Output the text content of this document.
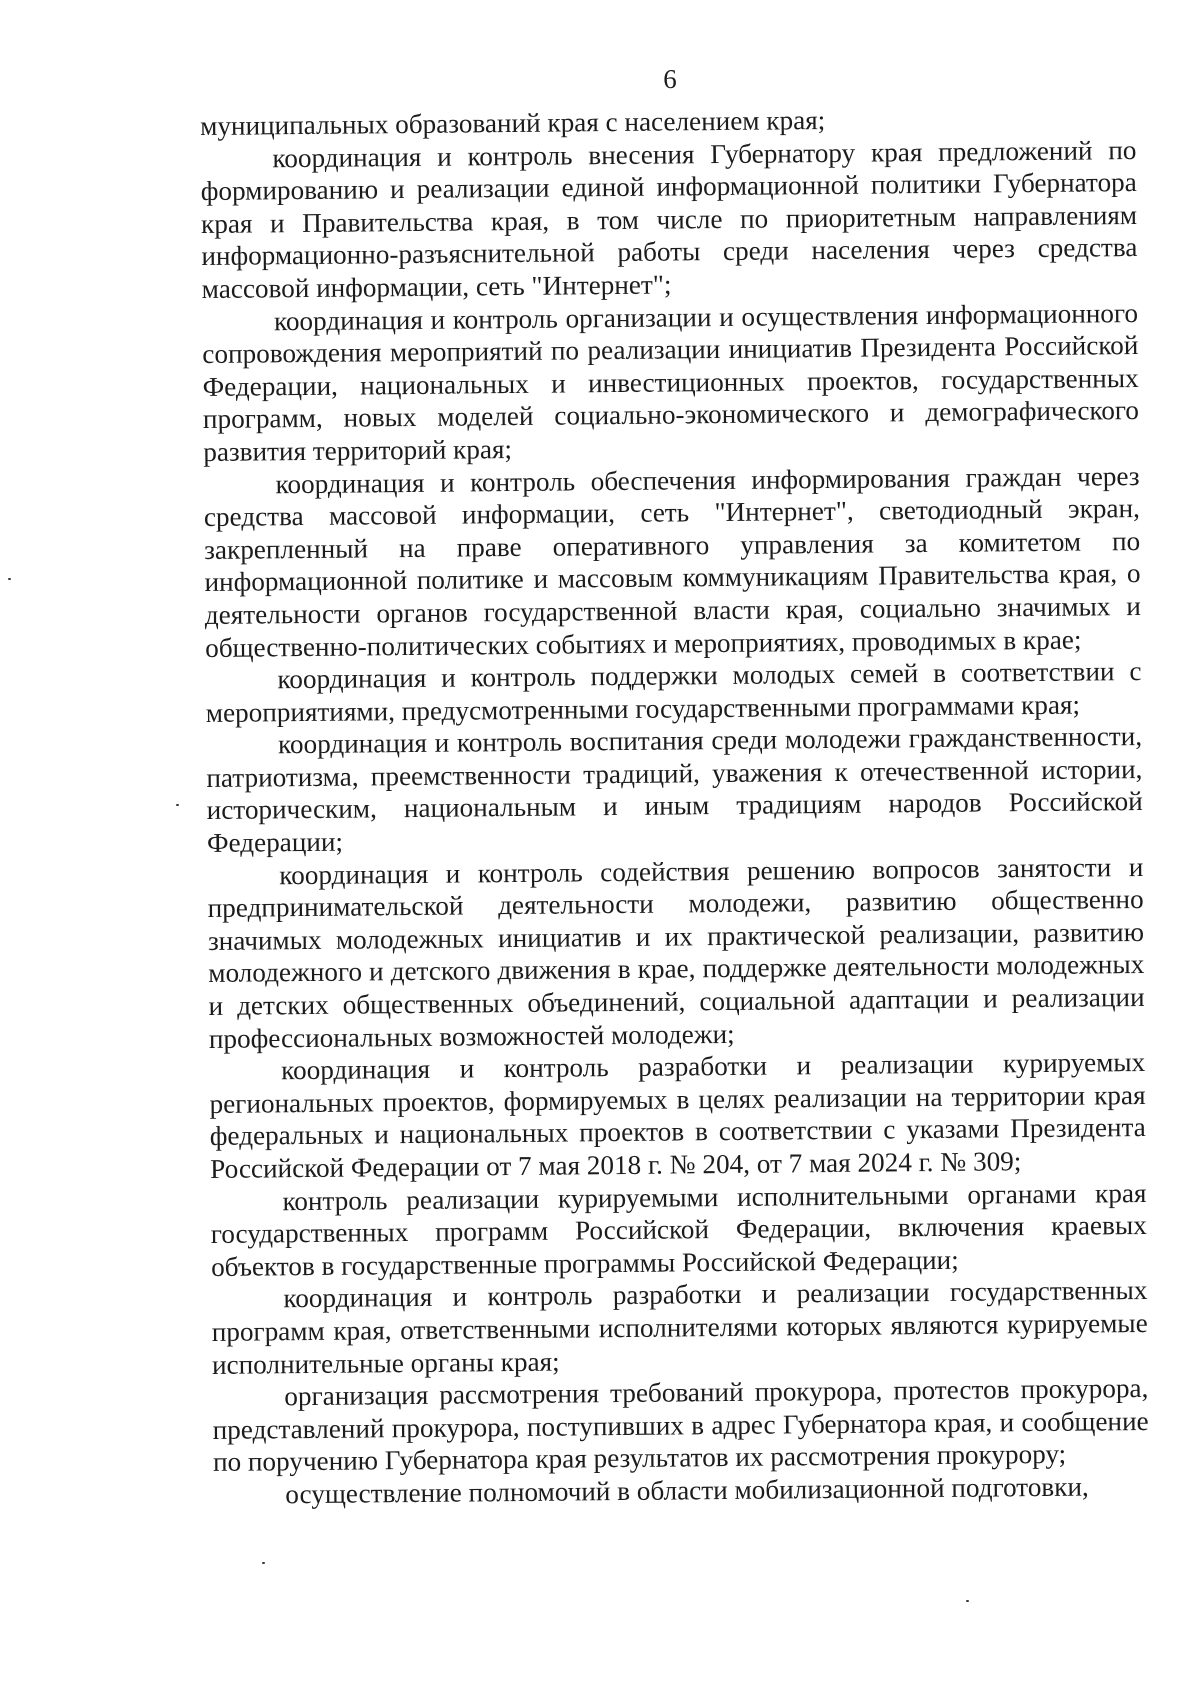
6

муниципальных образований края с населением края;

координация и контроль внесения Губернатору края предложений по формированию и реализации единой информационной политики Губернатора края и Правительства края, в том числе по приоритетным направлениям информационно-разъяснительной работы среди населения через средства массовой информации, сеть "Интернет";

координация и контроль организации и осуществления информационного сопровождения мероприятий по реализации инициатив Президента Российской Федерации, национальных и инвестиционных проектов, государственных программ, новых моделей социально-экономического и демографического развития территорий края;

координация и контроль обеспечения информирования граждан через средства массовой информации, сеть "Интернет", светодиодный экран, закрепленный на праве оперативного управления за комитетом по информационной политике и массовым коммуникациям Правительства края, о деятельности органов государственной власти края, социально значимых и общественно-политических событиях и мероприятиях, проводимых в крае;

координация и контроль поддержки молодых семей в соответствии с мероприятиями, предусмотренными государственными программами края;

координация и контроль воспитания среди молодежи гражданственности, патриотизма, преемственности традиций, уважения к отечественной истории, историческим, национальным и иным традициям народов Российской Федерации;

координация и контроль содействия решению вопросов занятости и предпринимательской деятельности молодежи, развитию общественно значимых молодежных инициатив и их практической реализации, развитию молодежного и детского движения в крае, поддержке деятельности молодежных и детских общественных объединений, социальной адаптации и реализации профессиональных возможностей молодежи;

координация и контроль разработки и реализации курируемых региональных проектов, формируемых в целях реализации на территории края федеральных и национальных проектов в соответствии с указами Президента Российской Федерации от 7 мая 2018 г. № 204, от 7 мая 2024 г. № 309;

контроль реализации курируемыми исполнительными органами края государственных программ Российской Федерации, включения краевых объектов в государственные программы Российской Федерации;

координация и контроль разработки и реализации государственных программ края, ответственными исполнителями которых являются курируемые исполнительные органы края;

организация рассмотрения требований прокурора, протестов прокурора, представлений прокурора, поступивших в адрес Губернатора края, и сообщение по поручению Губернатора края результатов их рассмотрения прокурору;

осуществление полномочий в области мобилизационной подготовки,
